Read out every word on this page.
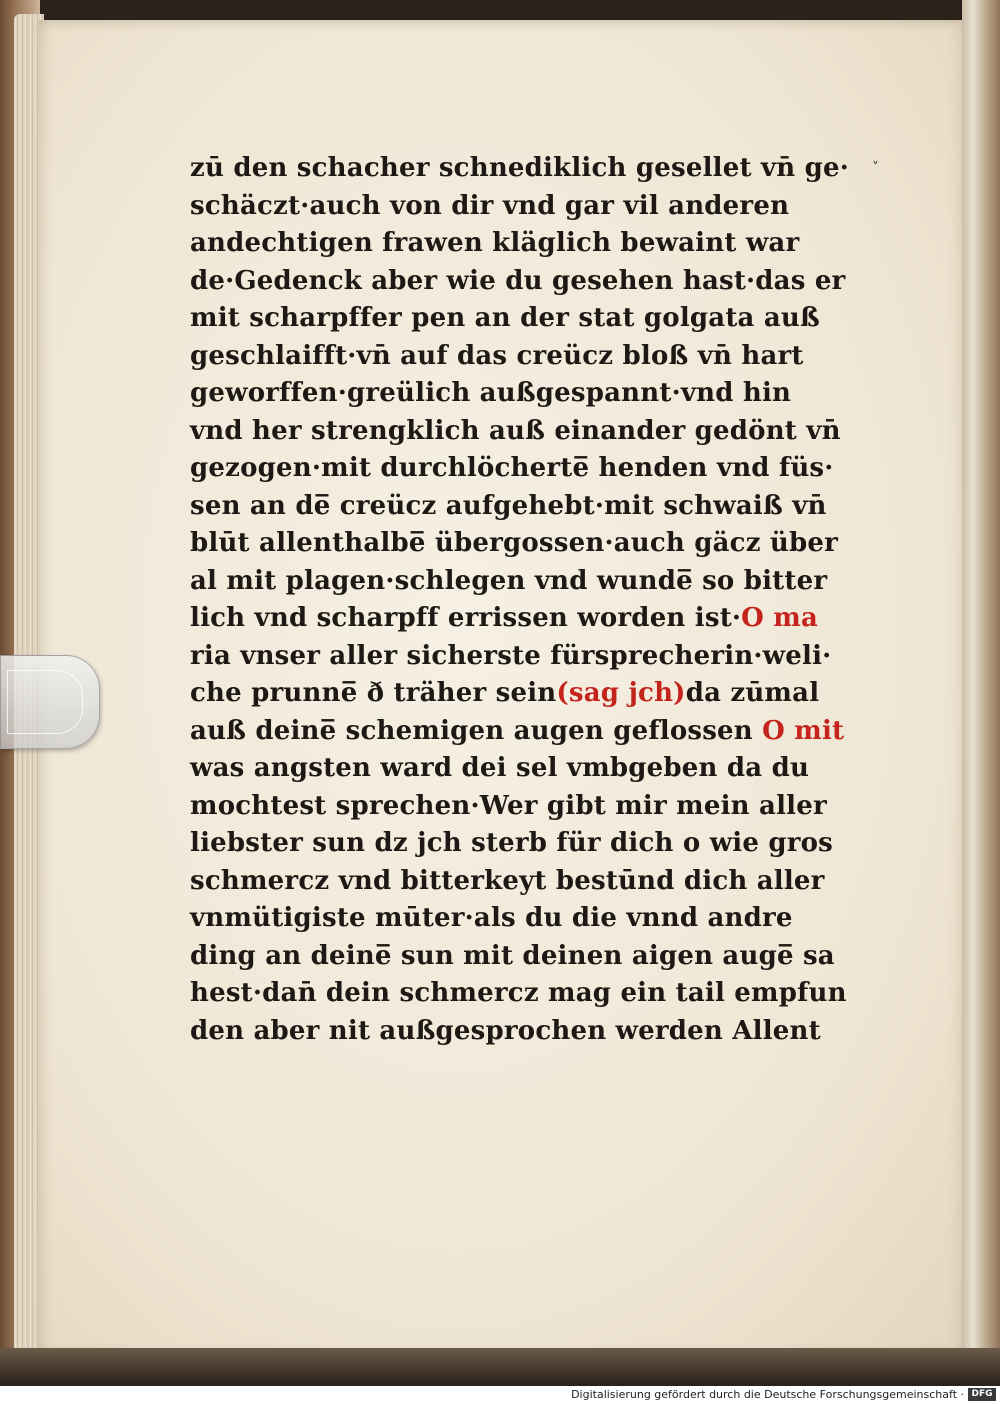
˅
zū den schacher schnediklich gesellet vn̄ ge·
schäczt·auch von dir vnd gar vil anderen
andechtigen frawen kläglich bewaint war
de·Gedenck aber wie du gesehen hast·das er
mit scharpffer pen an der stat golgata auß
geschlaifft·vn̄ auf das creücz bloß vn̄ hart
geworffen·greülich außgespannt·vnd hin
vnd her strengklich auß einander gedönt vn̄
gezogen·mit durchlöcherte̅ henden vnd füs·
sen an de̅ creücz aufgehebt·mit schwaiß vn̄
blūt allenthalbe̅ übergossen·auch gäcz über
al mit plagen·schlegen vnd wunde̅ so bitter
lich vnd scharpff errissen worden ist·O ma
ria vnser aller sicherste fürsprecherin·weli·
che prunne̅ ð träher sein(sag jch)da zūmal
auß deine̅ schemigen augen geflossen O mit
was angsten ward dei sel vmbgeben da du
mochtest sprechen·Wer gibt mir mein aller
liebster sun dz jch sterb für dich o wie gros
schmercz vnd bitterkeyt bestūnd dich aller
vnmütigiste mūter·als du die vnnd andre
ding an deine̅ sun mit deinen aigen auge̅ sa
hest·dan̄ dein schmercz mag ein tail empfun
den aber nit außgesprochen werden Allent
Digitalisierung gefördert durch die Deutsche Forschungsgemeinschaft · DFG
